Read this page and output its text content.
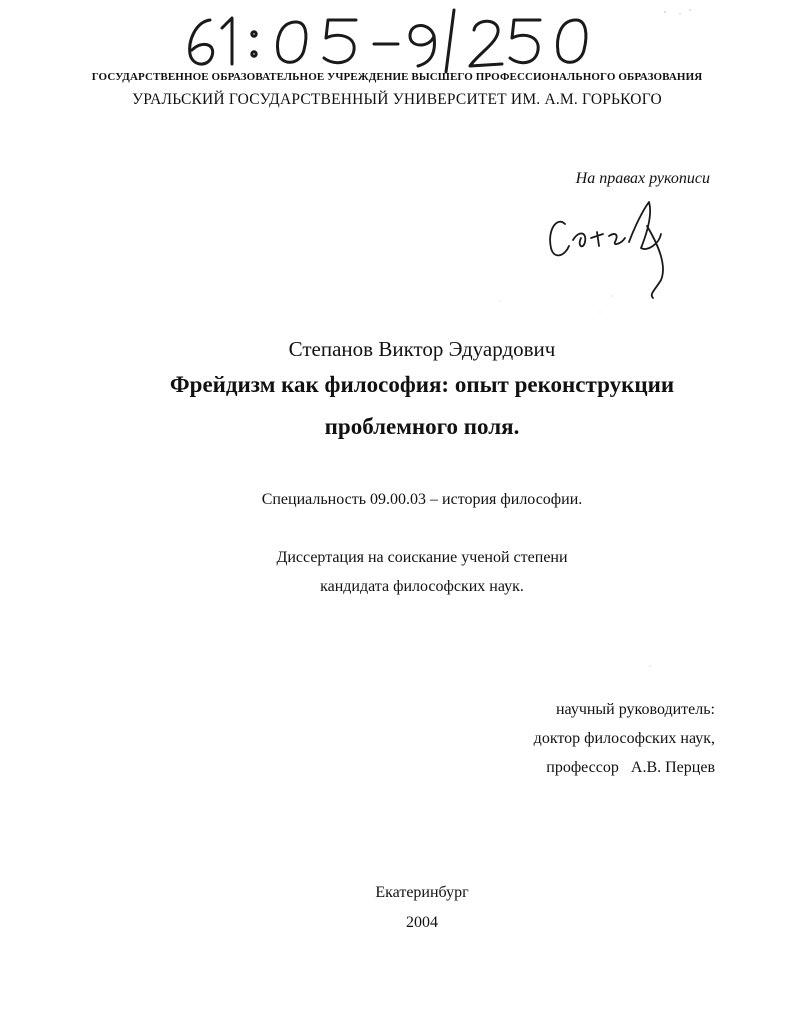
ГОСУДАРСТВЕННОЕ ОБРАЗОВАТЕЛЬНОЕ УЧРЕЖДЕНИЕ ВЫСШЕГО ПРОФЕССИОНАЛЬНОГО ОБРАЗОВАНИЯ
УРАЛЬСКИЙ ГОСУДАРСТВЕННЫЙ УНИВЕРСИТЕТ ИМ. А.М. ГОРЬКОГО
На правах рукописи
Степанов Виктор Эдуардович
Фрейдизм как философия: опыт реконструкции
проблемного поля.
Специальность 09.00.03 – история философии.
Диссертация на соискание ученой степени
кандидата философских наук.
научный руководитель:
доктор философских наук,
профессор А.В. Перцев
Екатеринбург
2004
